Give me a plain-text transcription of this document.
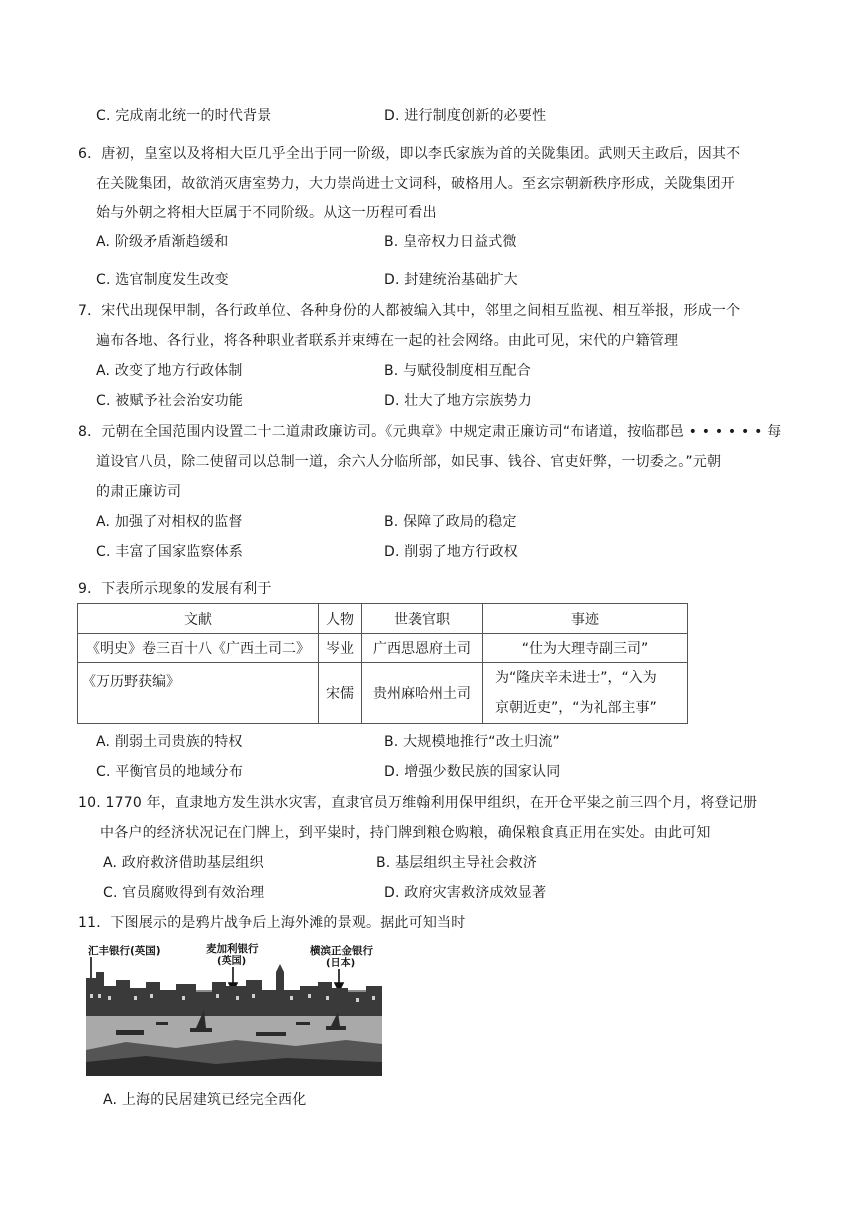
C. 完成南北统一的时代背景	D. 进行制度创新的必要性
6．唐初，皇室以及将相大臣几乎全出于同一阶级，即以李氏家族为首的关陇集团。武则天主政后，因其不
在关陇集团，故欲消灭唐室势力，大力崇尚进士文词科，破格用人。至玄宗朝新秩序形成，关陇集团开
始与外朝之将相大臣属于不同阶级。从这一历程可看出
A. 阶级矛盾渐趋缓和	B. 皇帝权力日益式微
C. 选官制度发生改变	D. 封建统治基础扩大
7．宋代出现保甲制，各行政单位、各种身份的人都被编入其中，邻里之间相互监视、相互举报，形成一个
遍布各地、各行业，将各种职业者联系并束缚在一起的社会网络。由此可见，宋代的户籍管理
A. 改变了地方行政体制	B. 与赋役制度相互配合
C. 被赋予社会治安功能	D. 壮大了地方宗族势力
8．元朝在全国范围内设置二十二道肃政廉访司。《元典章》中规定肃正廉访司“布诸道，按临郡邑 • • • • • • 每
道设官八员，除二使留司以总制一道，余六人分临所部，如民事、钱谷、官吏奸弊，一切委之。”元朝
的肃正廉访司
A. 加强了对相权的监督	B. 保障了政局的稳定
C. 丰富了国家监察体系	D. 削弱了地方行政权
9．下表所示现象的发展有利于
文献	人物	世袭官职	事迹
《明史》卷三百十八《广西土司二》	岑业	广西思恩府土司	“仕为大理寺副三司”
《万历野获编》	宋儒	贵州麻哈州土司	为“隆庆辛未进士”，“入为
京朝近吏”，“为礼部主事”
A. 削弱土司贵族的特权	B. 大规模地推行“改土归流”
C. 平衡官员的地域分布	D. 增强少数民族的国家认同
10. 1770 年，直隶地方发生洪水灾害，直隶官员万维翰利用保甲组织，在开仓平粜之前三四个月，将登记册
中各户的经济状况记在门牌上，到平粜时，持门牌到粮仓购粮，确保粮食真正用在实处。由此可知
A. 政府救济借助基层组织	B. 基层组织主导社会救济
C. 官员腐败得到有效治理	D. 政府灾害救济成效显著
11．下图展示的是鸦片战争后上海外滩的景观。据此可知当时
汇丰银行(英国)	麦加利银行
(英国)
横滨正金银行
(日本)
A. 上海的民居建筑已经完全西化
